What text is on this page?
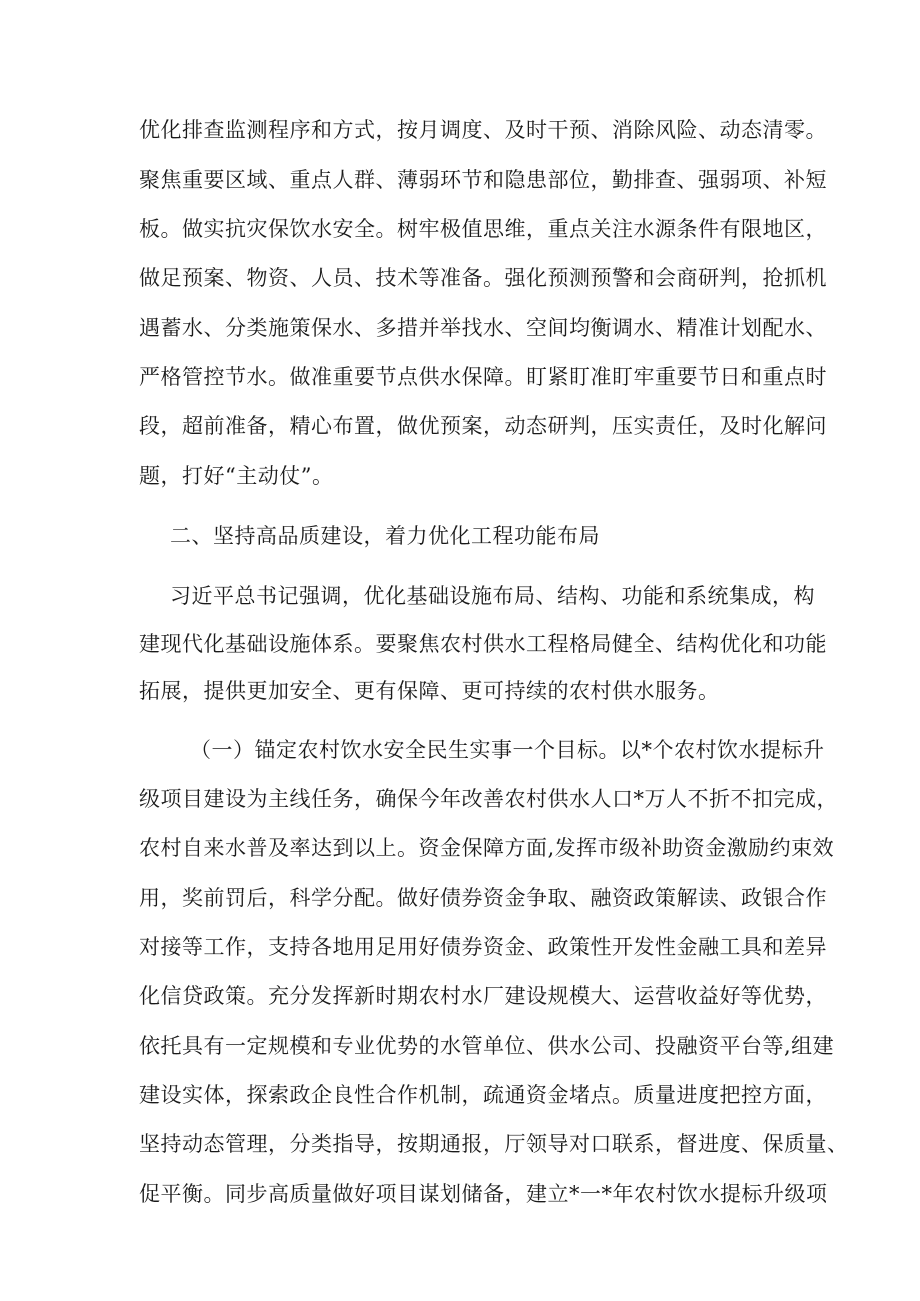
优化排查监测程序和方式，按月调度、及时干预、消除风险、动态清零。
聚焦重要区域、重点人群、薄弱环节和隐患部位，勤排查、强弱项、补短
板。做实抗灾保饮水安全。树牢极值思维，重点关注水源条件有限地区，
做足预案、物资、人员、技术等准备。强化预测预警和会商研判，抢抓机
遇蓄水、分类施策保水、多措并举找水、空间均衡调水、精准计划配水、
严格管控节水。做准重要节点供水保障。盯紧盯准盯牢重要节日和重点时
段，超前准备，精心布置，做优预案，动态研判，压实责任，及时化解问
题，打好“主动仗”。
二、坚持高品质建设，着力优化工程功能布局
习近平总书记强调，优化基础设施布局、结构、功能和系统集成，构
建现代化基础设施体系。要聚焦农村供水工程格局健全、结构优化和功能
拓展，提供更加安全、更有保障、更可持续的农村供水服务。
（一）锚定农村饮水安全民生实事一个目标。以*个农村饮水提标升
级项目建设为主线任务，确保今年改善农村供水人口*万人不折不扣完成，
农村自来水普及率达到以上。资金保障方面,发挥市级补助资金激励约束效
用，奖前罚后，科学分配。做好债券资金争取、融资政策解读、政银合作
对接等工作，支持各地用足用好债券资金、政策性开发性金融工具和差异
化信贷政策。充分发挥新时期农村水厂建设规模大、运营收益好等优势，
依托具有一定规模和专业优势的水管单位、供水公司、投融资平台等,组建
建设实体，探索政企良性合作机制，疏通资金堵点。质量进度把控方面，
坚持动态管理，分类指导，按期通报，厅领导对口联系，督进度、保质量、
促平衡。同步高质量做好项目谋划储备，建立*一*年农村饮水提标升级项
